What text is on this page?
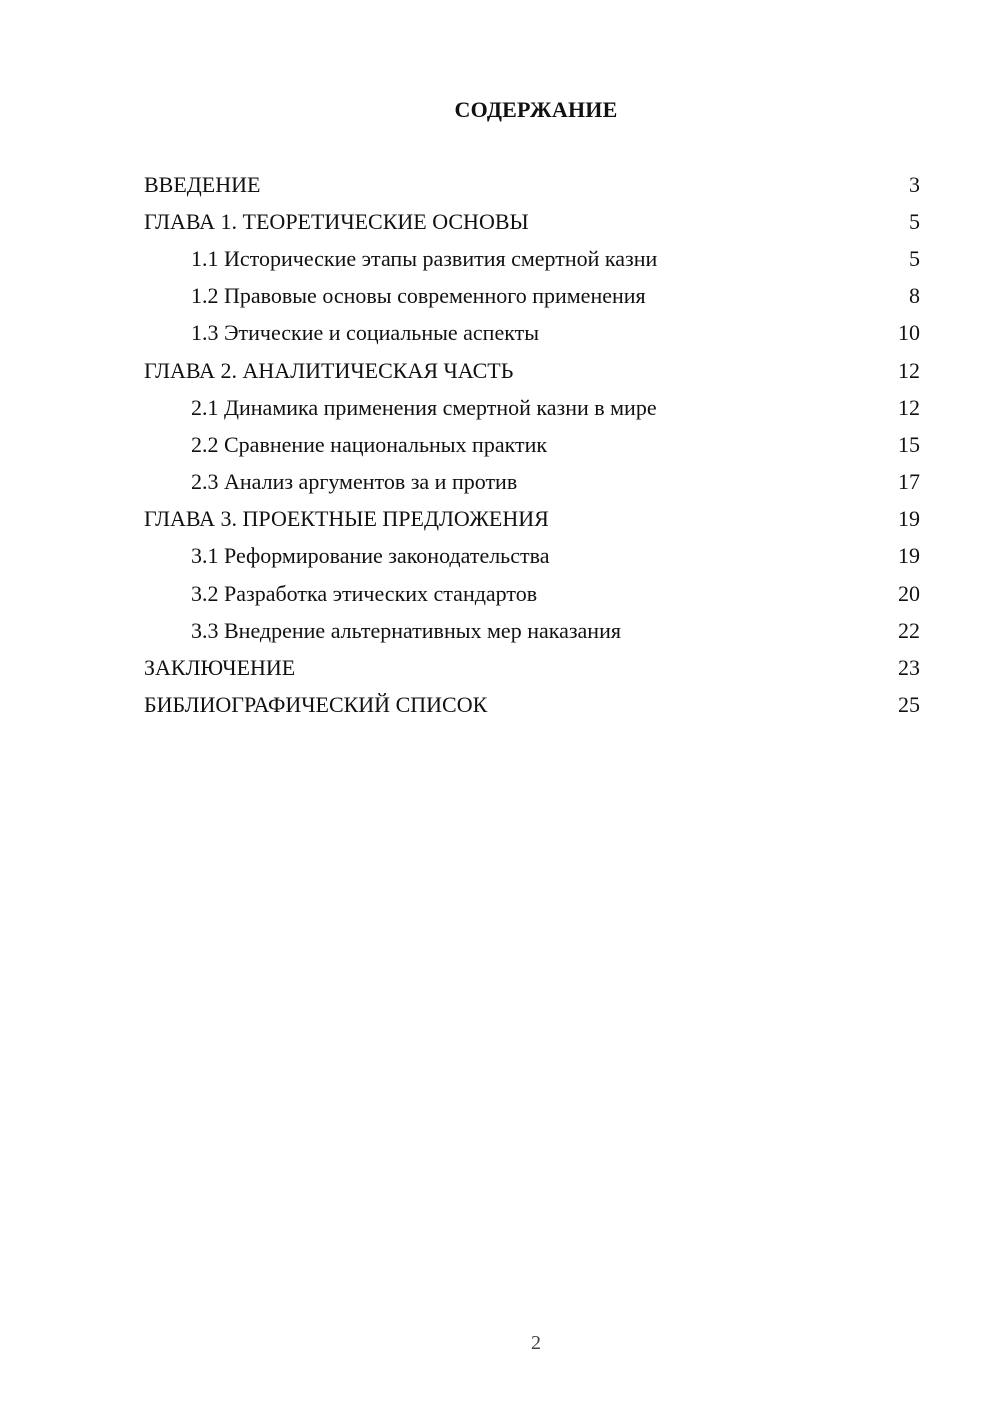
СОДЕРЖАНИЕ
ВВЕДЕНИЕ	3
ГЛАВА 1. ТЕОРЕТИЧЕСКИЕ ОСНОВЫ	5
1.1 Исторические этапы развития смертной казни	5
1.2 Правовые основы современного применения	8
1.3 Этические и социальные аспекты	10
ГЛАВА 2. АНАЛИТИЧЕСКАЯ ЧАСТЬ	12
2.1 Динамика применения смертной казни в мире	12
2.2 Сравнение национальных практик	15
2.3 Анализ аргументов за и против	17
ГЛАВА 3. ПРОЕКТНЫЕ ПРЕДЛОЖЕНИЯ	19
3.1 Реформирование законодательства	19
3.2 Разработка этических стандартов	20
3.3 Внедрение альтернативных мер наказания	22
ЗАКЛЮЧЕНИЕ	23
БИБЛИОГРАФИЧЕСКИЙ СПИСОК	25
2
